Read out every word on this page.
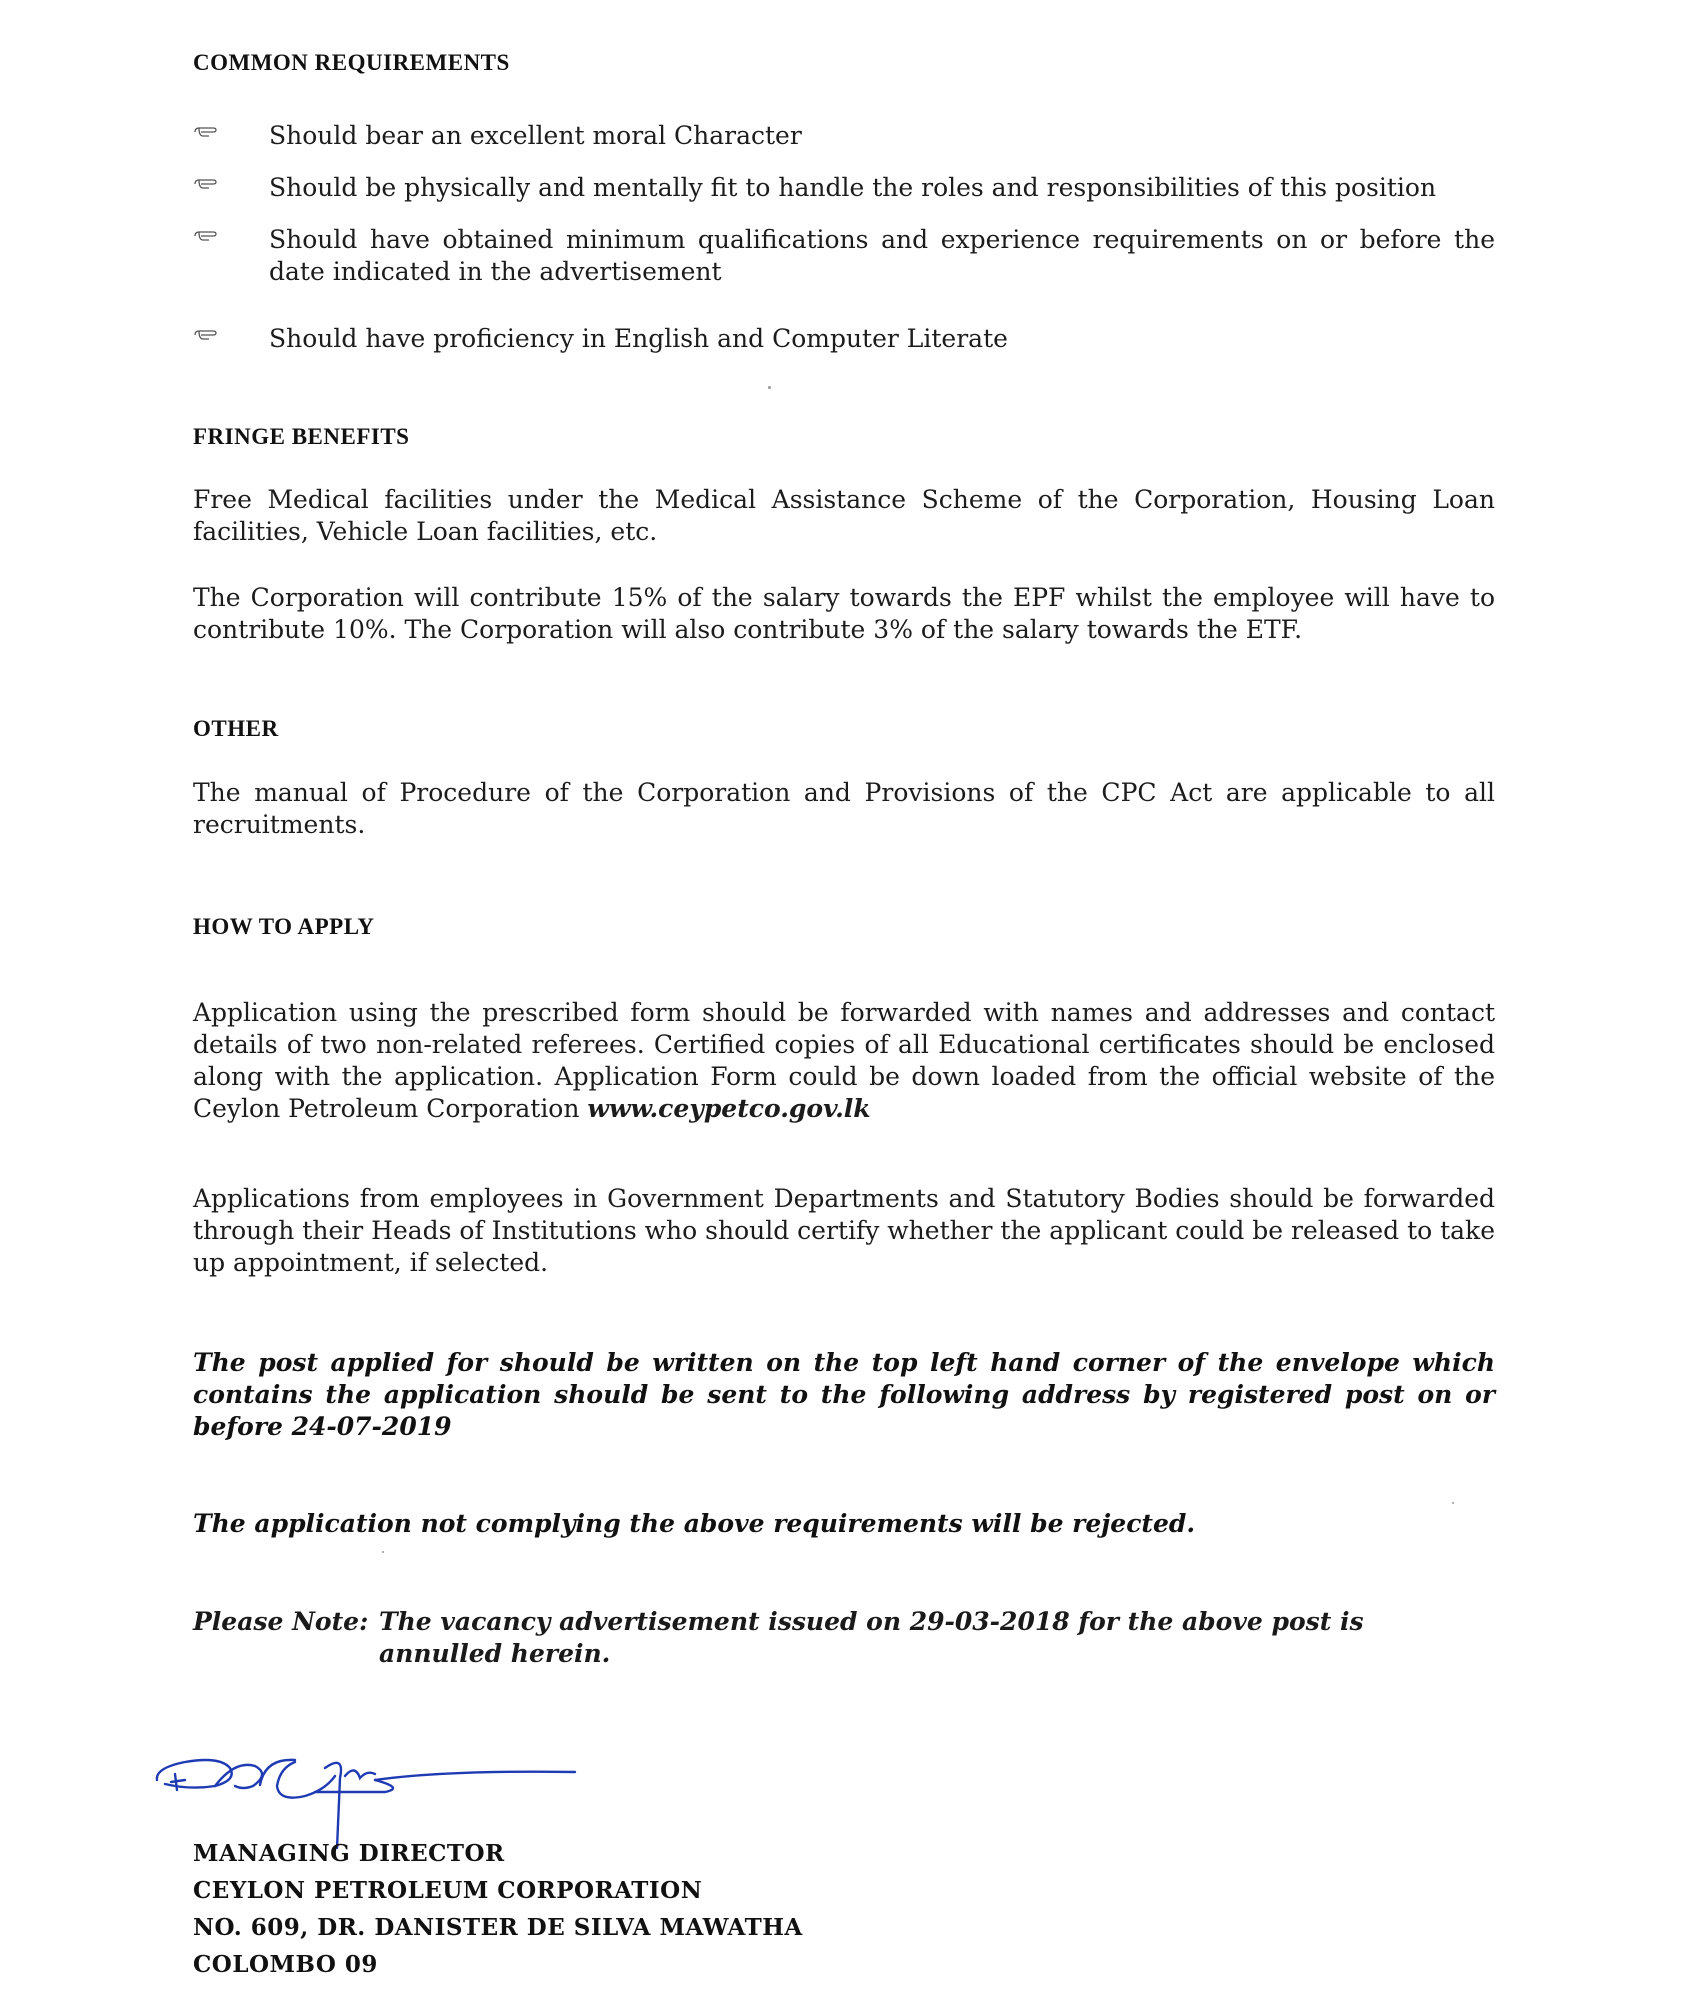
COMMON REQUIREMENTS
Should bear an excellent moral Character
Should be physically and mentally fit to handle the roles and responsibilities of this position
Should have obtained minimum qualifications and experience requirements on or before the date indicated in the advertisement
Should have proficiency in English and Computer Literate
FRINGE BENEFITS

Free Medical facilities under the Medical Assistance Scheme of the Corporation, Housing Loan facilities, Vehicle Loan facilities, etc.

The Corporation will contribute 15% of the salary towards the EPF whilst the employee will have to contribute 10%. The Corporation will also contribute 3% of the salary towards the ETF.

OTHER

The manual of Procedure of the Corporation and Provisions of the CPC Act are applicable to all recruitments.

HOW TO APPLY

Application using the prescribed form should be forwarded with names and addresses and contact details of two non-related referees. Certified copies of all Educational certificates should be enclosed along with the application. Application Form could be down loaded from the official website of the Ceylon Petroleum Corporation www.ceypetco.gov.lk

Applications from employees in Government Departments and Statutory Bodies should be forwarded through their Heads of Institutions who should certify whether the applicant could be released to take up appointment, if selected.

The post applied for should be written on the top left hand corner of the envelope which contains the application should be sent to the following address by registered post on or before 24-07-2019

The application not complying the above requirements will be rejected.

Please Note: The vacancy advertisement issued on 29-03-2018 for the above post is annulled herein.
MANAGING DIRECTOR
CEYLON PETROLEUM CORPORATION
NO. 609, DR. DANISTER DE SILVA MAWATHA
COLOMBO 09
